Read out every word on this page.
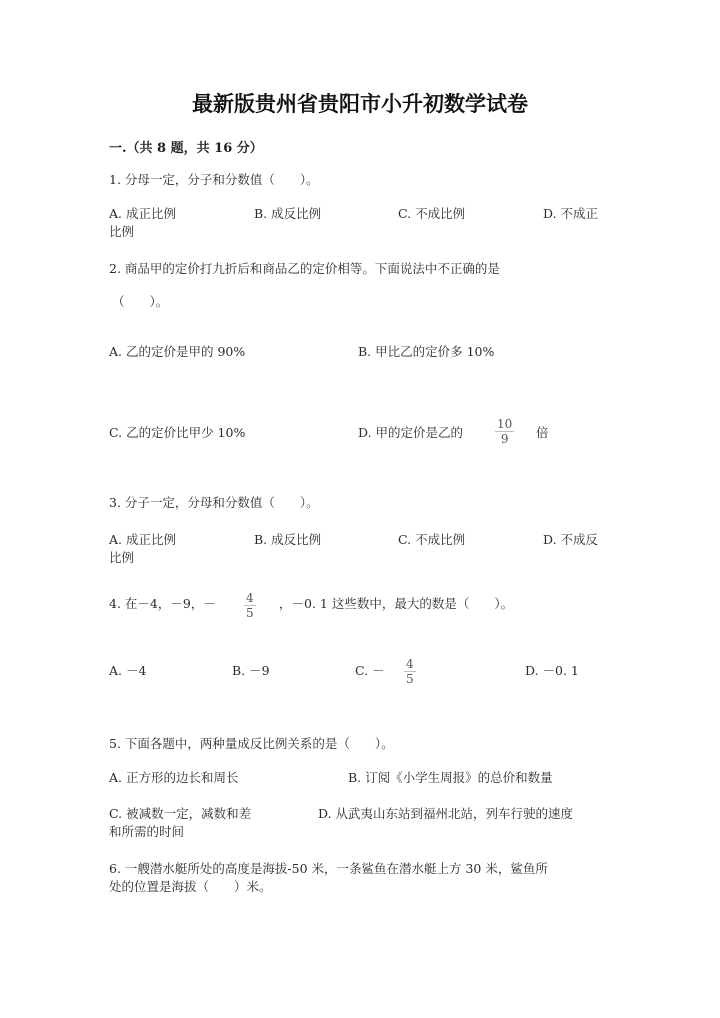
最新版贵州省贵阳市小升初数学试卷
一.（共 8 题，共 16 分）
1. 分母一定，分子和分数值（　　）。
A. 成正比例	B. 成反比例	C. 不成比例	D. 不成正
比例
2. 商品甲的定价打九折后和商品乙的定价相等。下面说法中不正确的是
（　　）。
A. 乙的定价是甲的 90%	B. 甲比乙的定价多 10%
C. 乙的定价比甲少 10%	D. 甲的定价是乙的	$\frac{10}{9}$ 倍
3. 分子一定，分母和分数值（　　）。
A. 成正比例	B. 成反比例	C. 不成比例	D. 不成反
比例
4. 在－4，－9，－ $\frac{4}{5}$ ，－0. 1 这些数中，最大的数是（　　）。
A. －4	B. －9	C. － $\frac{4}{5}$	D. －0. 1
5. 下面各题中，两种量成反比例关系的是（　　）。
A. 正方形的边长和周长	B. 订阅《小学生周报》的总价和数量
C. 被减数一定，减数和差	D. 从武夷山东站到福州北站，列车行驶的速度
和所需的时间
6. 一艘潜水艇所处的高度是海拔-50 米，一条鲨鱼在潜水艇上方 30 米，鲨鱼所
处的位置是海拔（　　）米。
